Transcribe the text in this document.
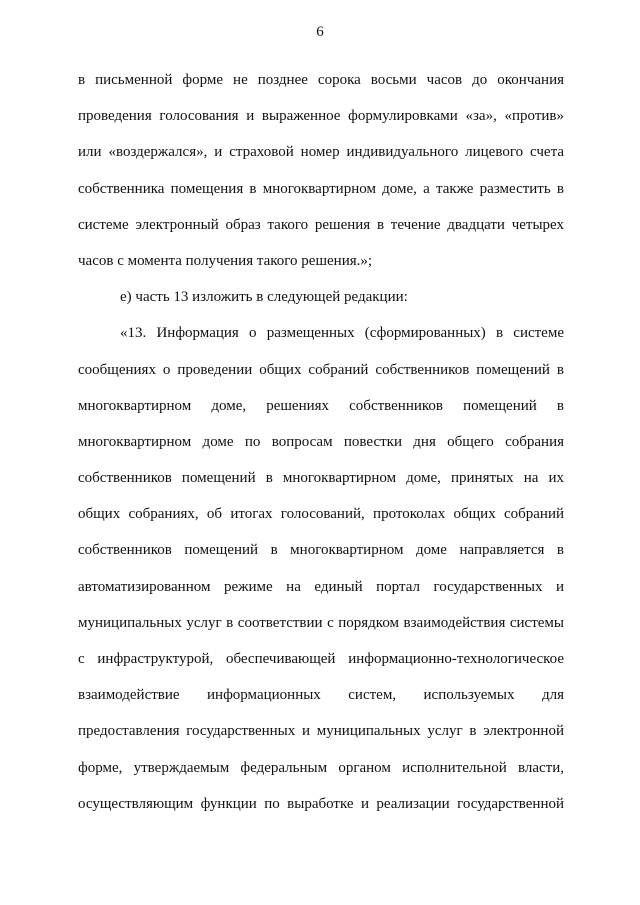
6
в письменной форме не позднее сорока восьми часов до окончания
проведения голосования и выраженное формулировками «за», «против»
или «воздержался», и страховой номер индивидуального лицевого счета
собственника помещения в многоквартирном доме, а также разместить в
системе электронный образ такого решения в течение двадцати четырех
часов с момента получения такого решения.»;
е) часть 13 изложить в следующей редакции:
«13. Информация о размещенных (сформированных) в системе
сообщениях о проведении общих собраний собственников помещений в
многоквартирном доме, решениях собственников помещений в
многоквартирном доме по вопросам повестки дня общего собрания
собственников помещений в многоквартирном доме, принятых на их
общих собраниях, об итогах голосований, протоколах общих собраний
собственников помещений в многоквартирном доме направляется в
автоматизированном режиме на единый портал государственных и
муниципальных услуг в соответствии с порядком взаимодействия системы
с инфраструктурой, обеспечивающей информационно-технологическое
взаимодействие информационных систем, используемых для
предоставления государственных и муниципальных услуг в электронной
форме, утверждаемым федеральным органом исполнительной власти,
осуществляющим функции по выработке и реализации государственной
